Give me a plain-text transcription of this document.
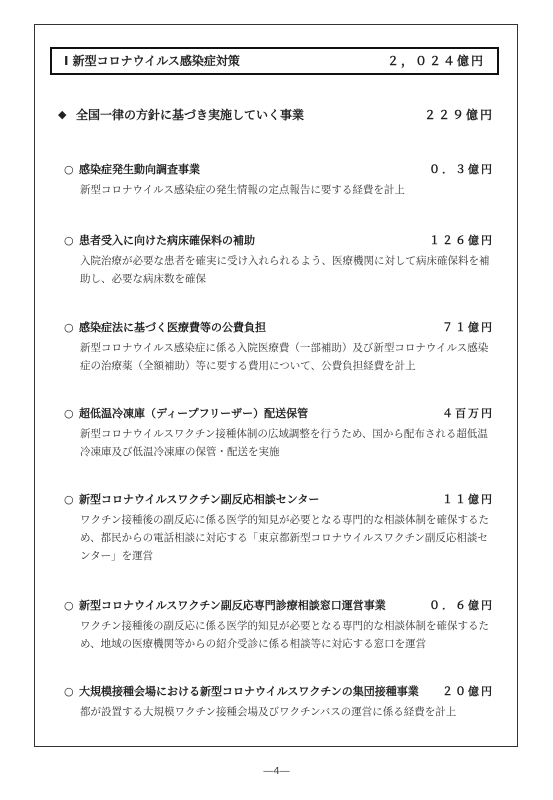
Ⅰ 新型コロナウイルス感染症対策	２，０２４億円
◆ 全国一律の方針に基づき実施していく事業	２２９億円
○ 感染症発生動向調査事業	０．３億円
新型コロナウイルス感染症の発生情報の定点報告に要する経費を計上
○ 患者受入に向けた病床確保料の補助	１２６億円
入院治療が必要な患者を確実に受け入れられるよう、医療機関に対して病床確保料を補助し、必要な病床数を確保
○ 感染症法に基づく医療費等の公費負担	７１億円
新型コロナウイルス感染症に係る入院医療費（一部補助）及び新型コロナウイルス感染症の治療薬（全額補助）等に要する費用について、公費負担経費を計上
○ 超低温冷凍庫（ディープフリーザー）配送保管	４百万円
新型コロナウイルスワクチン接種体制の広域調整を行うため、国から配布される超低温冷凍庫及び低温冷凍庫の保管・配送を実施
○ 新型コロナウイルスワクチン副反応相談センター	１１億円
ワクチン接種後の副反応に係る医学的知見が必要となる専門的な相談体制を確保するため、都民からの電話相談に対応する「東京都新型コロナウイルスワクチン副反応相談センター」を運営
○ 新型コロナウイルスワクチン副反応専門診療相談窓口運営事業	０．６億円
ワクチン接種後の副反応に係る医学的知見が必要となる専門的な相談体制を確保するため、地域の医療機関等からの紹介受診に係る相談等に対応する窓口を運営
○ 大規模接種会場における新型コロナウイルスワクチンの集団接種事業 ２０億円
都が設置する大規模ワクチン接種会場及びワクチンバスの運営に係る経費を計上
―4―
